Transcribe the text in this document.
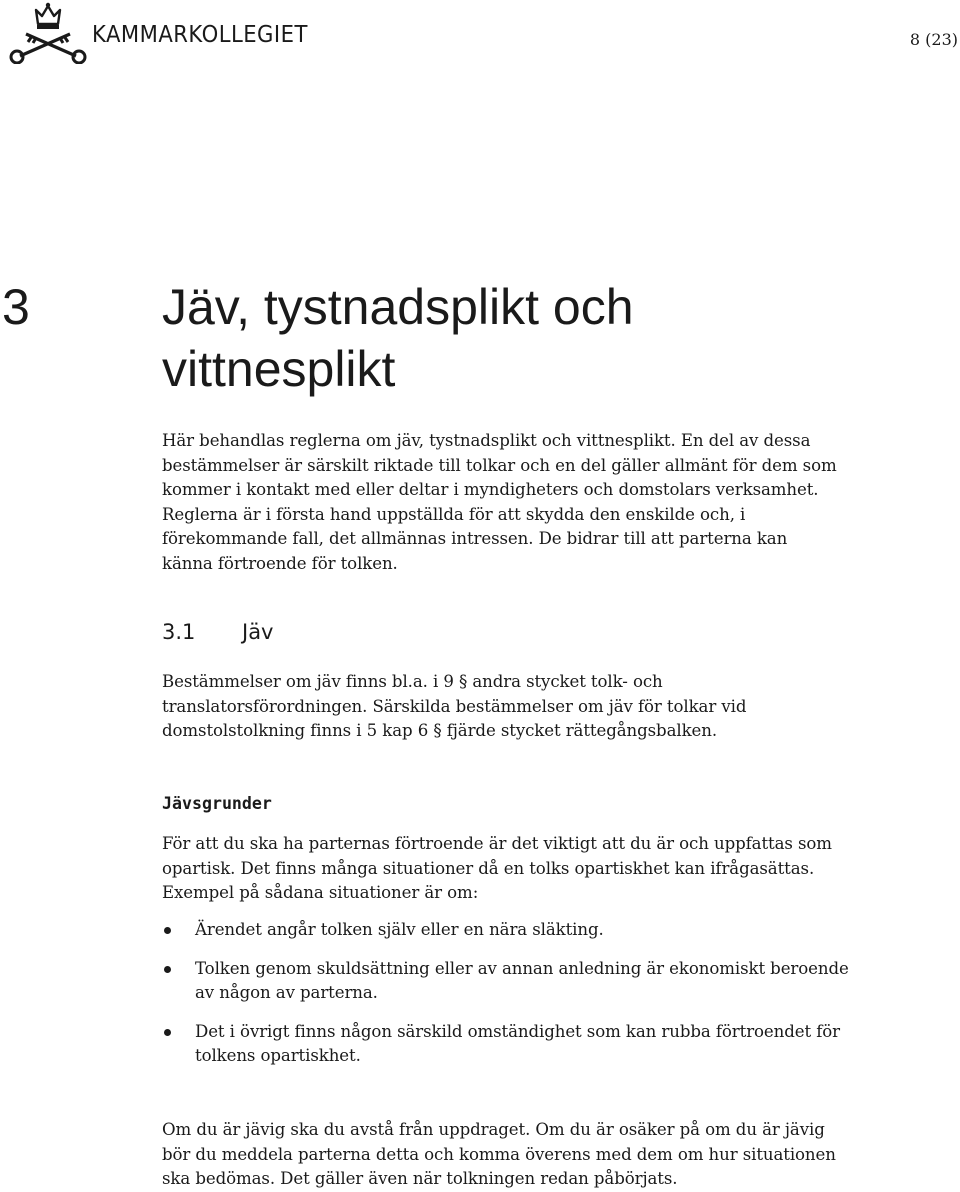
KAMMARKOLLEGIET	8 (23)
3	Jäv, tystnadsplikt och vittnesplikt

Här behandlas reglerna om jäv, tystnadsplikt och vittnesplikt. En del av dessa bestämmelser är särskilt riktade till tolkar och en del gäller allmänt för dem som kommer i kontakt med eller deltar i myndigheters och domstolars verksamhet. Reglerna är i första hand uppställda för att skydda den enskilde och, i förekommande fall, det allmännas intressen. De bidrar till att parterna kan känna förtroende för tolken.

3.1 Jäv

Bestämmelser om jäv finns bl.a. i 9 § andra stycket tolk- och translatorsförordningen. Särskilda bestämmelser om jäv för tolkar vid domstolstolkning finns i 5 kap 6 § fjärde stycket rättegångsbalken.

Jävsgrunder

För att du ska ha parternas förtroende är det viktigt att du är och uppfattas som opartisk. Det finns många situationer då en tolks opartiskhet kan ifrågasättas. Exempel på sådana situationer är om:

Ärendet angår tolken själv eller en nära släkting.
Tolken genom skuldsättning eller av annan anledning är ekonomiskt beroende av någon av parterna.
Det i övrigt finns någon särskild omständighet som kan rubba förtroendet för tolkens opartiskhet.

Om du är jävig ska du avstå från uppdraget. Om du är osäker på om du är jävig bör du meddela parterna detta och komma överens med dem om hur situationen ska bedömas. Det gäller även när tolkningen redan påbörjats.
